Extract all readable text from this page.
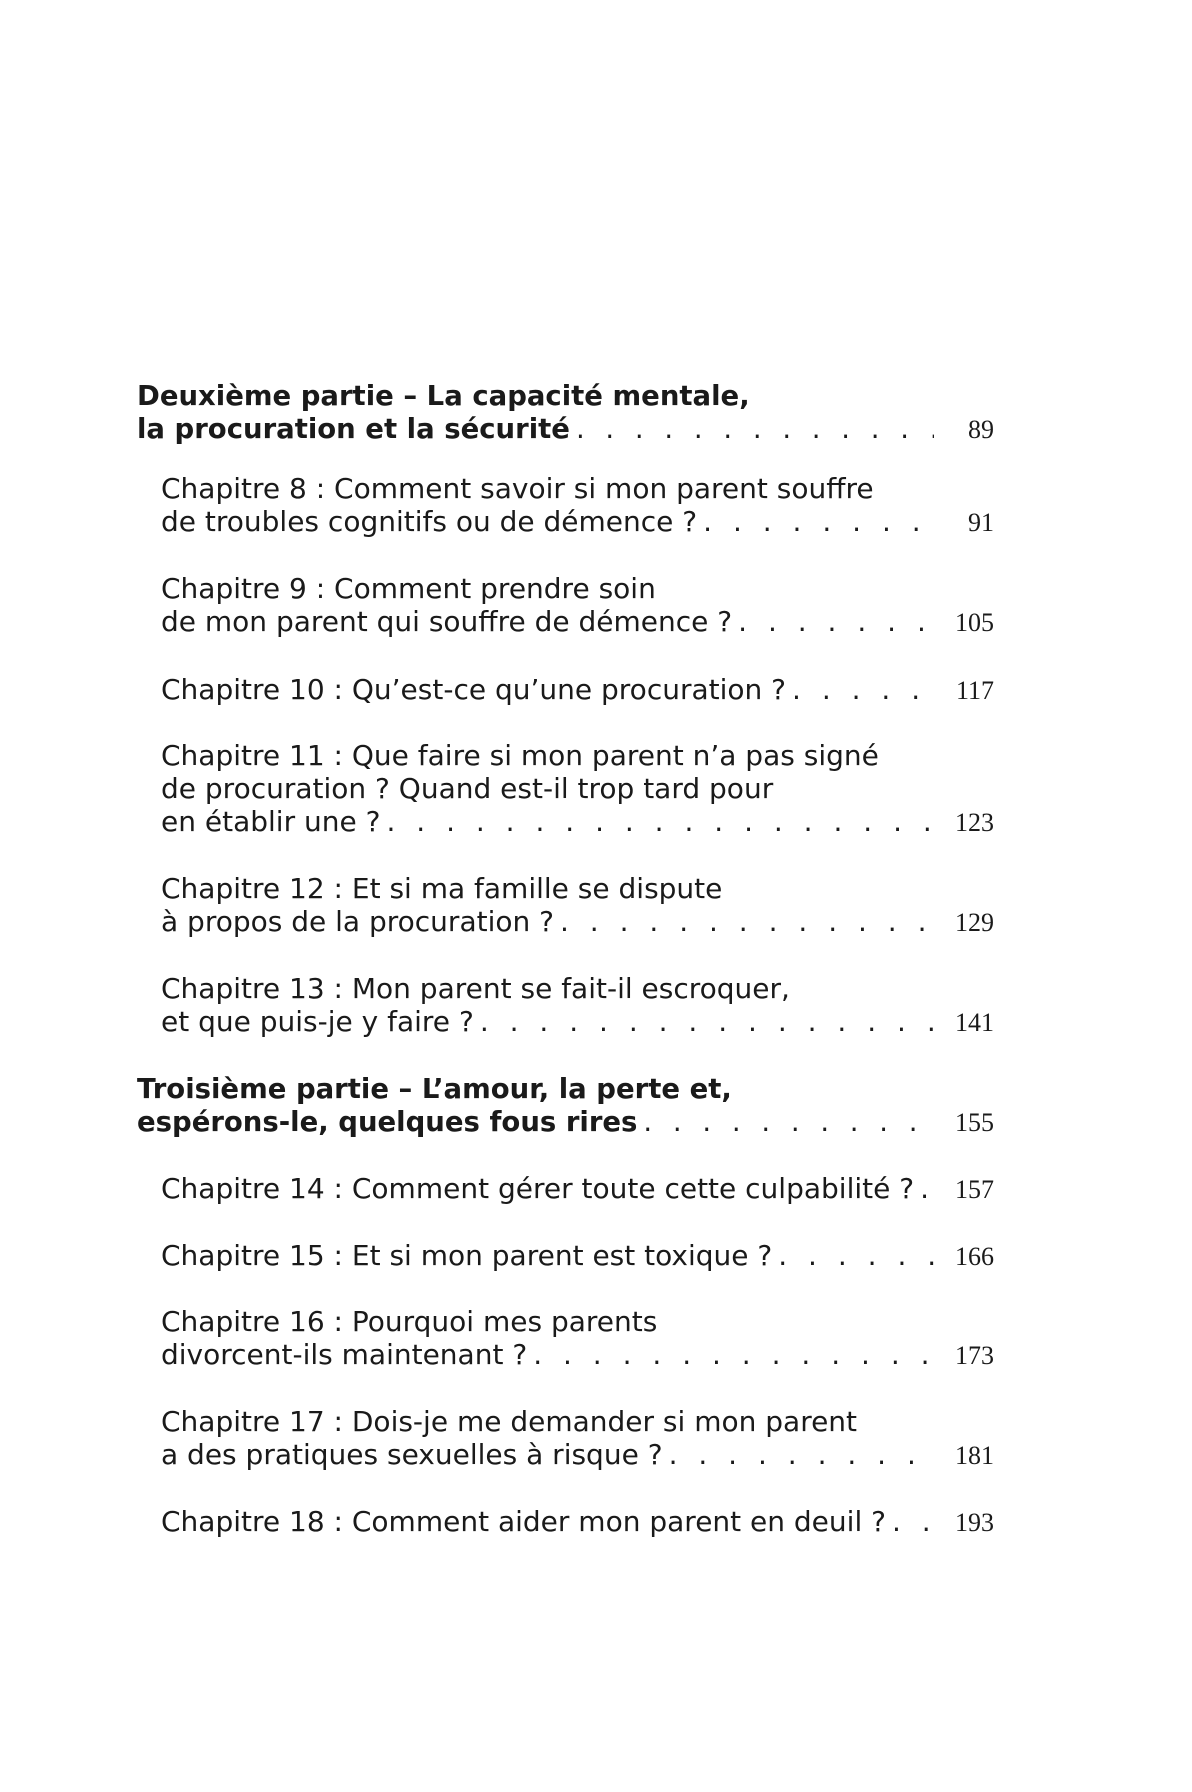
Deuxième partie – La capacité mentale,
la procuration et la sécurité . . .	89
Chapitre 8 : Comment savoir si mon parent souffre
de troubles cognitifs ou de démence ? . . .	91
Chapitre 9 : Comment prendre soin
de mon parent qui souffre de démence ? . . .	105
Chapitre 10 : Qu’est-ce qu’une procuration ? . . .	117
Chapitre 11 : Que faire si mon parent n’a pas signé
de procuration ? Quand est-il trop tard pour
en établir une ? . . .	123
Chapitre 12 : Et si ma famille se dispute
à propos de la procuration ? . . .	129
Chapitre 13 : Mon parent se fait-il escroquer,
et que puis-je y faire ? . . .	141
Troisième partie – L’amour, la perte et,
espérons-le, quelques fous rires . . .	155
Chapitre 14 : Comment gérer toute cette culpabilité ? . . .	157
Chapitre 15 : Et si mon parent est toxique ? . . .	166
Chapitre 16 : Pourquoi mes parents
divorcent-ils maintenant ? . . .	173
Chapitre 17 : Dois-je me demander si mon parent
a des pratiques sexuelles à risque ? . . .	181
Chapitre 18 : Comment aider mon parent en deuil ? . . .	193
